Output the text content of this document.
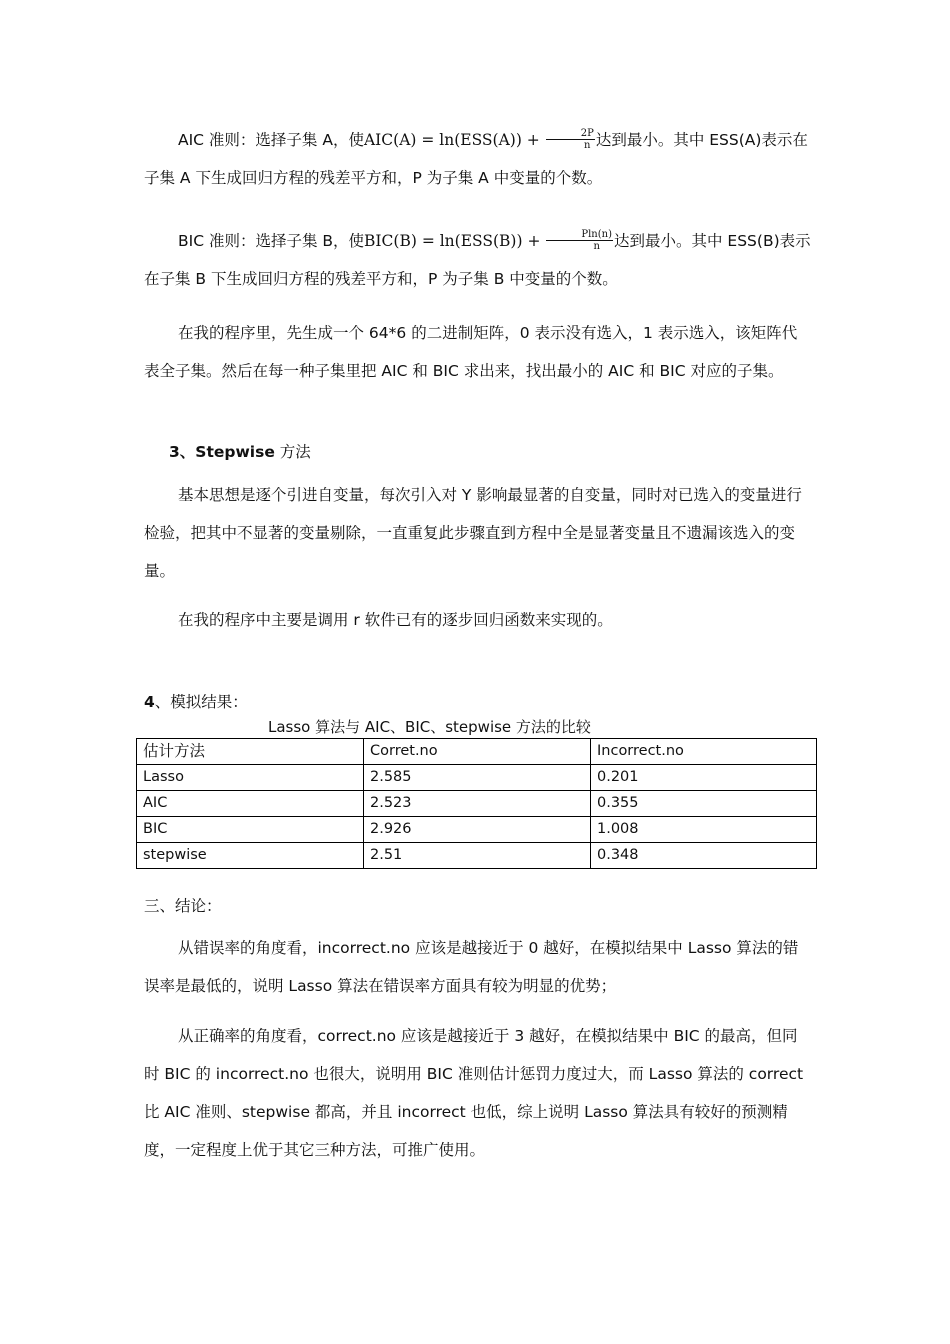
AIC 准则：选择子集 A，使$AIC(A) = \ln(ESS(A)) + \frac{2P}{n}$ 达到最小。其中 ESS(A)表示在子集 A 下生成回归方程的残差平方和，P 为子集 A 中变量的个数。

BIC 准则：选择子集 B，使$BIC(B) = \ln(ESS(B)) + \frac{Pln(n)}{n}$ 达到最小。其中 ESS(B)表示在子集 B 下生成回归方程的残差平方和，P 为子集 B 中变量的个数。

在我的程序里，先生成一个 64*6 的二进制矩阵，0 表示没有选入，1 表示选入，该矩阵代表全子集。然后在每一种子集里把 AIC 和 BIC 求出来，找出最小的 AIC 和 BIC 对应的子集。

3、Stepwise 方法

基本思想是逐个引进自变量，每次引入对 Y 影响最显著的自变量，同时对已选入的变量进行检验，把其中不显著的变量剔除，一直重复此步骤直到方程中全是显著变量且不遗漏该选入的变量。

在我的程序中主要是调用 r 软件已有的逐步回归函数来实现的。

4、模拟结果：

Lasso 算法与 AIC、BIC、stepwise 方法的比较
估计方法	Corret.no	Incorrect.no
Lasso	2.585	0.201
AIC	2.523	0.355
BIC	2.926	1.008
stepwise	2.51	0.348

三、结论：

从错误率的角度看，incorrect.no 应该是越接近于 0 越好，在模拟结果中 Lasso 算法的错误率是最低的，说明 Lasso 算法在错误率方面具有较为明显的优势；

从正确率的角度看，correct.no 应该是越接近于 3 越好，在模拟结果中 BIC 的最高，但同时 BIC 的 incorrect.no 也很大，说明用 BIC 准则估计惩罚力度过大，而 Lasso 算法的 correct 比 AIC 准则、stepwise 都高，并且 incorrect 也低，综上说明 Lasso 算法具有较好的预测精度，一定程度上优于其它三种方法，可推广使用。
